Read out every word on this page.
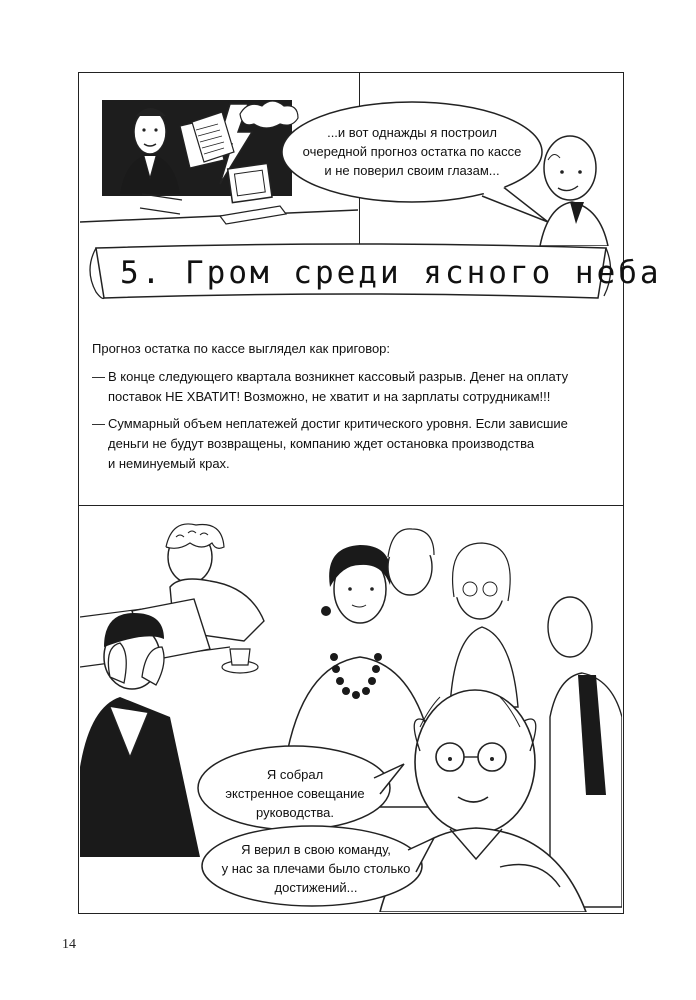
...и вот однажды я построил
очередной прогноз остатка по кассе
и не поверил своим глазам...
5. Гром среди ясного неба
Прогноз остатка по кассе выглядел как приговор:
— В конце следующего квартала возникнет кассовый разрыв. Денег на оплату
поставок НЕ ХВАТИТ! Возможно, не хватит и на зарплаты сотрудникам!!!
— Суммарный объем неплатежей достиг критического уровня. Если зависшие
деньги не будут возвращены, компанию ждет остановка производства
и неминуемый крах.
Я собрал
экстренное совещание
руководства.
Я верил в свою команду,
у нас за плечами было столько
достижений...
14
